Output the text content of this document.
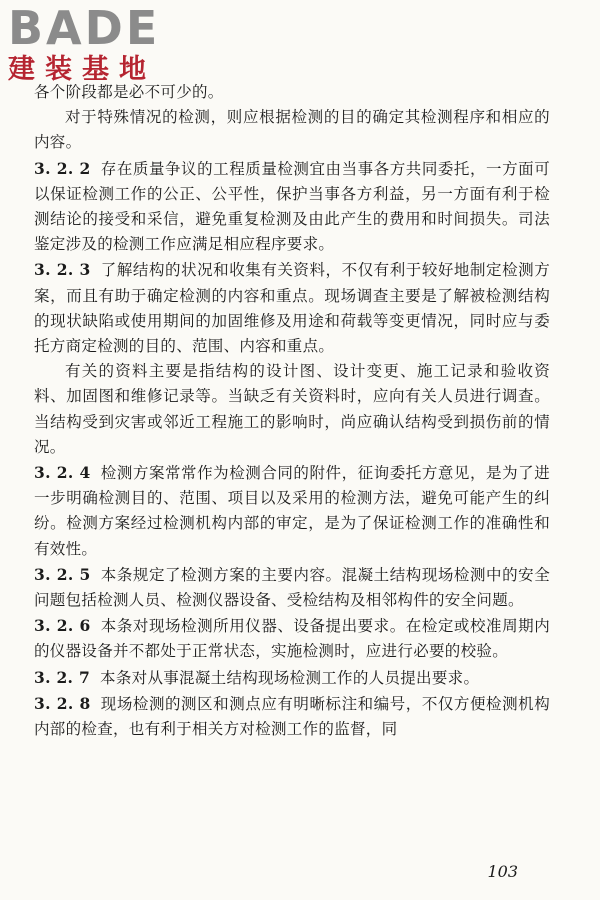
BADE
建装基地

各个阶段都是必不可少的。

对于特殊情况的检测，则应根据检测的目的确定其检测程序和相应的内容。

3. 2. 2 存在质量争议的工程质量检测宜由当事各方共同委托，一方面可以保证检测工作的公正、公平性，保护当事各方利益，另一方面有利于检测结论的接受和采信，避免重复检测及由此产生的费用和时间损失。司法鉴定涉及的检测工作应满足相应程序要求。

3. 2. 3 了解结构的状况和收集有关资料，不仅有利于较好地制定检测方案，而且有助于确定检测的内容和重点。现场调查主要是了解被检测结构的现状缺陷或使用期间的加固维修及用途和荷载等变更情况，同时应与委托方商定检测的目的、范围、内容和重点。

有关的资料主要是指结构的设计图、设计变更、施工记录和验收资料、加固图和维修记录等。当缺乏有关资料时，应向有关人员进行调查。当结构受到灾害或邻近工程施工的影响时，尚应确认结构受到损伤前的情况。

3. 2. 4 检测方案常常作为检测合同的附件，征询委托方意见，是为了进一步明确检测目的、范围、项目以及采用的检测方法，避免可能产生的纠纷。检测方案经过检测机构内部的审定，是为了保证检测工作的准确性和有效性。

3. 2. 5 本条规定了检测方案的主要内容。混凝土结构现场检测中的安全问题包括检测人员、检测仪器设备、受检结构及相邻构件的安全问题。

3. 2. 6 本条对现场检测所用仪器、设备提出要求。在检定或校准周期内的仪器设备并不都处于正常状态，实施检测时，应进行必要的校验。

3. 2. 7 本条对从事混凝土结构现场检测工作的人员提出要求。

3. 2. 8 现场检测的测区和测点应有明晰标注和编号，不仅方便检测机构内部的检查，也有利于相关方对检测工作的监督，同

103
